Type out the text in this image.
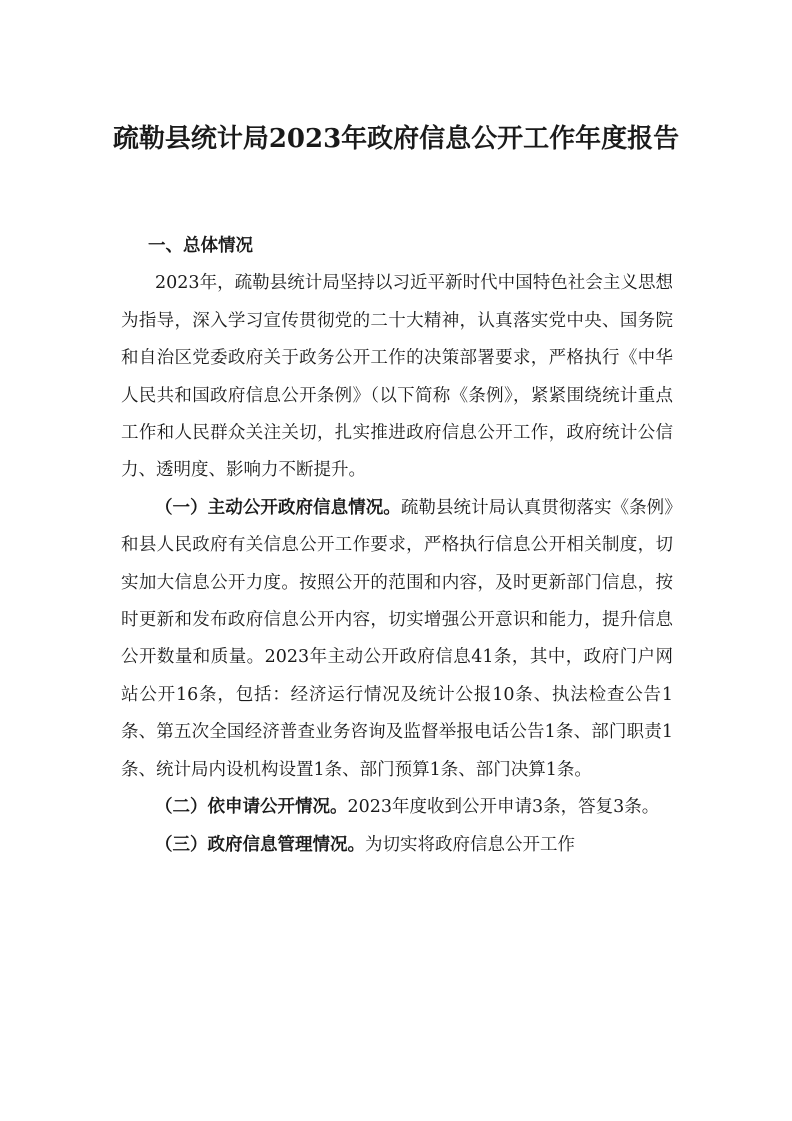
疏勒县统计局2023年政府信息公开工作年度报告

一、总体情况

2023年，疏勒县统计局坚持以习近平新时代中国特色社会主义思想为指导，深入学习宣传贯彻党的二十大精神，认真落实党中央、国务院和自治区党委政府关于政务公开工作的决策部署要求，严格执行《中华人民共和国政府信息公开条例》（以下简称《条例》，紧紧围绕统计重点工作和人民群众关注关切，扎实推进政府信息公开工作，政府统计公信力、透明度、影响力不断提升。

（一）主动公开政府信息情况。疏勒县统计局认真贯彻落实《条例》和县人民政府有关信息公开工作要求，严格执行信息公开相关制度，切实加大信息公开力度。按照公开的范围和内容，及时更新部门信息，按时更新和发布政府信息公开内容，切实增强公开意识和能力，提升信息公开数量和质量。2023年主动公开政府信息41条，其中，政府门户网站公开16条，包括：经济运行情况及统计公报10条、执法检查公告1条、第五次全国经济普查业务咨询及监督举报电话公告1条、部门职责1条、统计局内设机构设置1条、部门预算1条、部门决算1条。

（二）依申请公开情况。2023年度收到公开申请3条，答复3条。

（三）政府信息管理情况。为切实将政府信息公开工作
